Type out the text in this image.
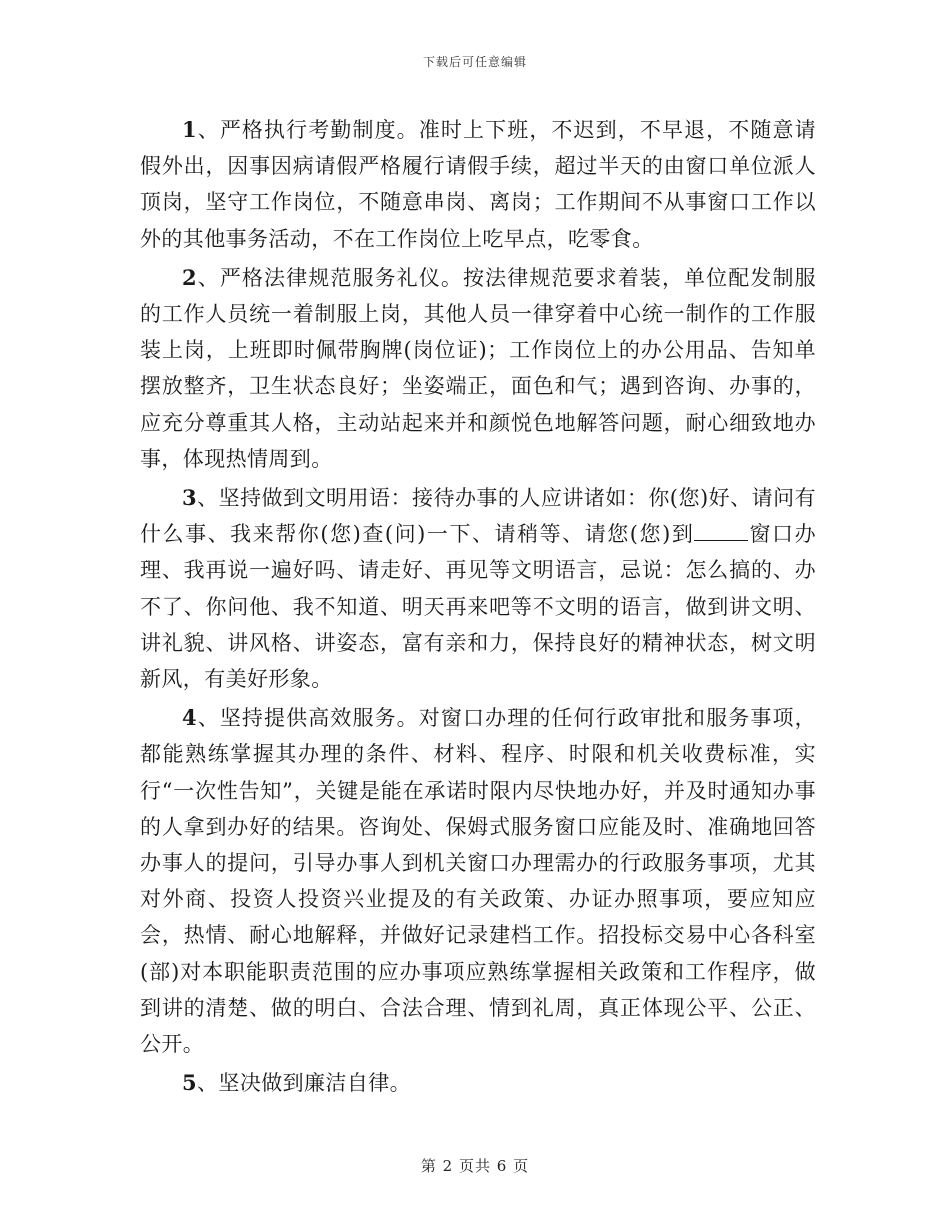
下载后可任意编辑

1、严格执行考勤制度。准时上下班，不迟到，不早退，不随意请假外出，因事因病请假严格履行请假手续，超过半天的由窗口单位派人顶岗，坚守工作岗位，不随意串岗、离岗；工作期间不从事窗口工作以外的其他事务活动，不在工作岗位上吃早点，吃零食。

2、严格法律规范服务礼仪。按法律规范要求着装，单位配发制服的工作人员统一着制服上岗，其他人员一律穿着中心统一制作的工作服装上岗，上班即时佩带胸牌(岗位证)；工作岗位上的办公用品、告知单摆放整齐，卫生状态良好；坐姿端正，面色和气；遇到咨询、办事的，应充分尊重其人格，主动站起来并和颜悦色地解答问题，耐心细致地办事，体现热情周到。

3、坚持做到文明用语：接待办事的人应讲诸如：你(您)好、请问有什么事、我来帮你(您)查(问)一下、请稍等、请您(您)到	窗口办理、我再说一遍好吗、请走好、再见等文明语言，忌说：怎么搞的、办不了、你问他、我不知道、明天再来吧等不文明的语言，做到讲文明、讲礼貌、讲风格、讲姿态，富有亲和力，保持良好的精神状态，树文明新风，有美好形象。

4、坚持提供高效服务。对窗口办理的任何行政审批和服务事项，都能熟练掌握其办理的条件、材料、程序、时限和机关收费标准，实行“一次性告知”，关键是能在承诺时限内尽快地办好，并及时通知办事的人拿到办好的结果。咨询处、保姆式服务窗口应能及时、准确地回答办事人的提问，引导办事人到机关窗口办理需办的行政服务事项，尤其对外商、投资人投资兴业提及的有关政策、办证办照事项，要应知应会，热情、耐心地解释，并做好记录建档工作。招投标交易中心各科室(部)对本职能职责范围的应办事项应熟练掌握相关政策和工作程序，做到讲的清楚、做的明白、合法合理、情到礼周，真正体现公平、公正、公开。

5、坚决做到廉洁自律。

第 2 页共 6 页
